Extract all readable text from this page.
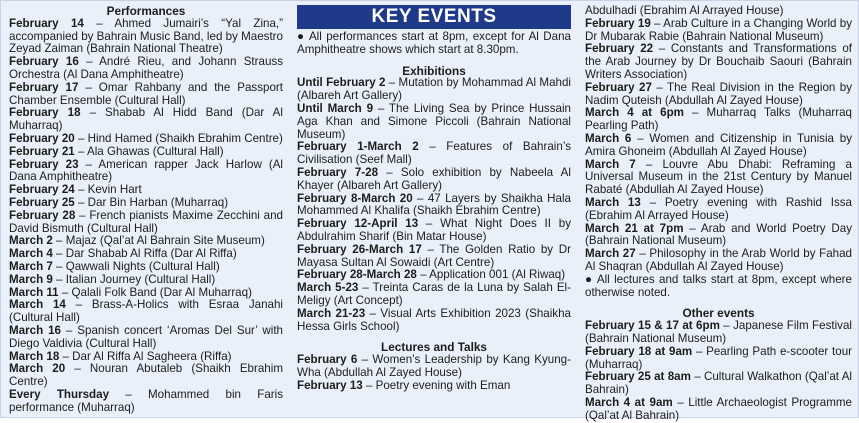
Performances

February 14 – Ahmed Jumairi’s “Yal Zina,” accompanied by Bahrain Music Band, led by Maestro Zeyad Zaiman (Bahrain National Theatre)

February 16 – André Rieu, and Johann Strauss Orchestra (Al Dana Amphitheatre)

February 17 – Omar Rahbany and the Passport Chamber Ensemble (Cultural Hall)

February 18 – Shabab Al Hidd Band (Dar Al Muharraq)

February 20 – Hind Hamed (Shaikh Ebrahim Centre)

February 21 – Ala Ghawas (Cultural Hall)

February 23 – American rapper Jack Harlow (Al Dana Amphitheatre)

February 24 – Kevin Hart

February 25 – Dar Bin Harban (Muharraq)

February 28 – French pianists Maxime Zecchini and David Bismuth (Cultural Hall)

March 2 – Majaz (Qal’at Al Bahrain Site Museum)

March 4 – Dar Shabab Al Riffa (Dar Al Riffa)

March 7 – Qawwali Nights (Cultural Hall)

March 9 – Italian Journey (Cultural Hall)

March 11 – Qalali Folk Band (Dar Al Muharraq)

March 14 – Brass-A-Holics with Esraa Janahi (Cultural Hall)

March 16 – Spanish concert ‘Aromas Del Sur’ with Diego Valdivia (Cultural Hall)

March 18 – Dar Al Riffa Al Sagheera (Riffa)

March 20 – Nouran Abutaleb (Shaikh Ebrahim Centre)

Every Thursday – Mohammed bin Faris performance (Muharraq)

KEY EVENTS

● All performances start at 8pm, except for Al Dana Amphitheatre shows which start at 8.30pm.

Exhibitions

Until February 2 – Mutation by Mohammad Al Mahdi (Albareh Art Gallery)

Until March 9 – The Living Sea by Prince Hussain Aga Khan and Simone Piccoli (Bahrain National Museum)

February 1-March 2 – Features of Bahrain’s Civilisation (Seef Mall)

February 7-28 – Solo exhibition by Nabeela Al Khayer (Albareh Art Gallery)

February 8-March 20 – 47 Layers by Shaikha Hala Mohammed Al Khalifa (Shaikh Ebrahim Centre)

February 12-April 13 – What Night Does II by Abdulrahim Sharif (Bin Matar House)

February 26-March 17 – The Golden Ratio by Dr Mayasa Sultan Al Sowaidi (Art Centre)

February 28-March 28 – Application 001 (Al Riwaq)

March 5-23 – Treinta Caras de la Luna by Salah El-Meligy (Art Concept)

March 21-23 – Visual Arts Exhibition 2023 (Shaikha Hessa Girls School)

Lectures and Talks

February 6 – Women’s Leadership by Kang Kyung-Wha (Abdullah Al Zayed House)

February 13 – Poetry evening with Eman

Abdulhadi (Ebrahim Al Arrayed House)

February 19 – Arab Culture in a Changing World by Dr Mubarak Rabie (Bahrain National Museum)

February 22 – Constants and Transformations of the Arab Journey by Dr Bouchaib Saouri (Bahrain Writers Association)

February 27 – The Real Division in the Region by Nadim Quteish (Abdullah Al Zayed House)

March 4 at 6pm – Muharraq Talks (Muharraq Pearling Path)

March 6 – Women and Citizenship in Tunisia by Amira Ghoneim (Abdullah Al Zayed House)

March 7 – Louvre Abu Dhabi: Reframing a Universal Museum in the 21st Century by Manuel Rabaté (Abdullah Al Zayed House)

March 13 – Poetry evening with Rashid Issa (Ebrahim Al Arrayed House)

March 21 at 7pm – Arab and World Poetry Day (Bahrain National Museum)

March 27 – Philosophy in the Arab World by Fahad Al Shaqran (Abdullah Al Zayed House)

● All lectures and talks start at 8pm, except where otherwise noted.

Other events

February 15 & 17 at 6pm – Japanese Film Festival (Bahrain National Museum)

February 18 at 9am – Pearling Path e-scooter tour (Muharraq)

February 25 at 8am – Cultural Walkathon (Qal’at Al Bahrain)

March 4 at 9am – Little Archaeologist Programme (Qal’at Al Bahrain)
